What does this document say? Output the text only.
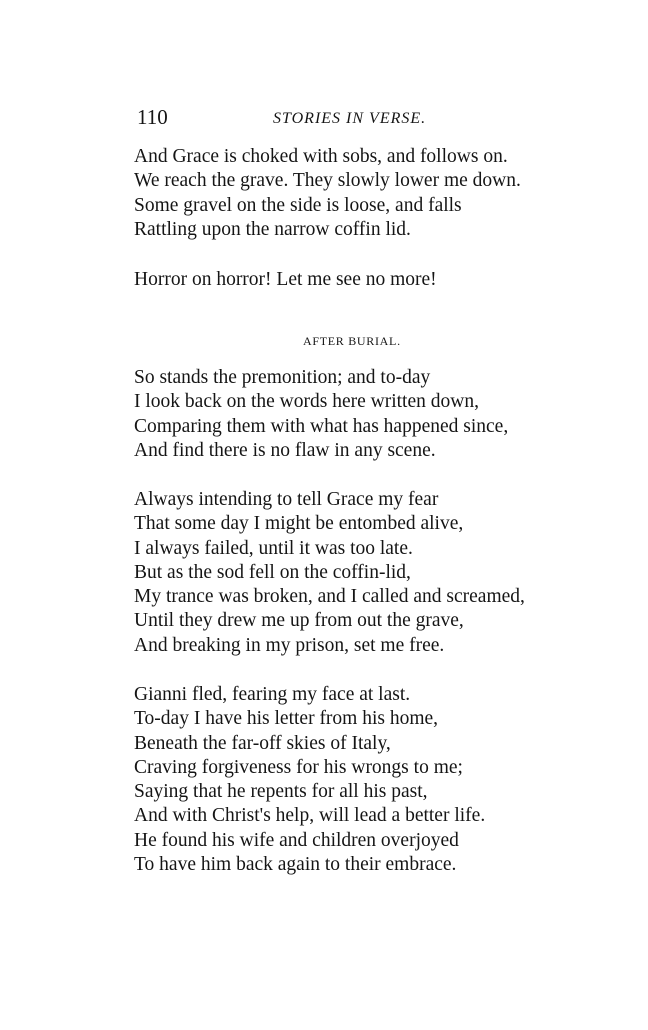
110	STORIES IN VERSE.
And Grace is choked with sobs, and follows on.
We reach the grave. They slowly lower me down.
Some gravel on the side is loose, and falls
Rattling upon the narrow coffin lid.
Horror on horror! Let me see no more!
AFTER BURIAL.
So stands the premonition; and to-day
I look back on the words here written down,
Comparing them with what has happened since,
And find there is no flaw in any scene.
Always intending to tell Grace my fear
That some day I might be entombed alive,
I always failed, until it was too late.
But as the sod fell on the coffin-lid,
My trance was broken, and I called and screamed,
Until they drew me up from out the grave,
And breaking in my prison, set me free.
Gianni fled, fearing my face at last.
To-day I have his letter from his home,
Beneath the far-off skies of Italy,
Craving forgiveness for his wrongs to me;
Saying that he repents for all his past,
And with Christ's help, will lead a better life.
He found his wife and children overjoyed
To have him back again to their embrace.
